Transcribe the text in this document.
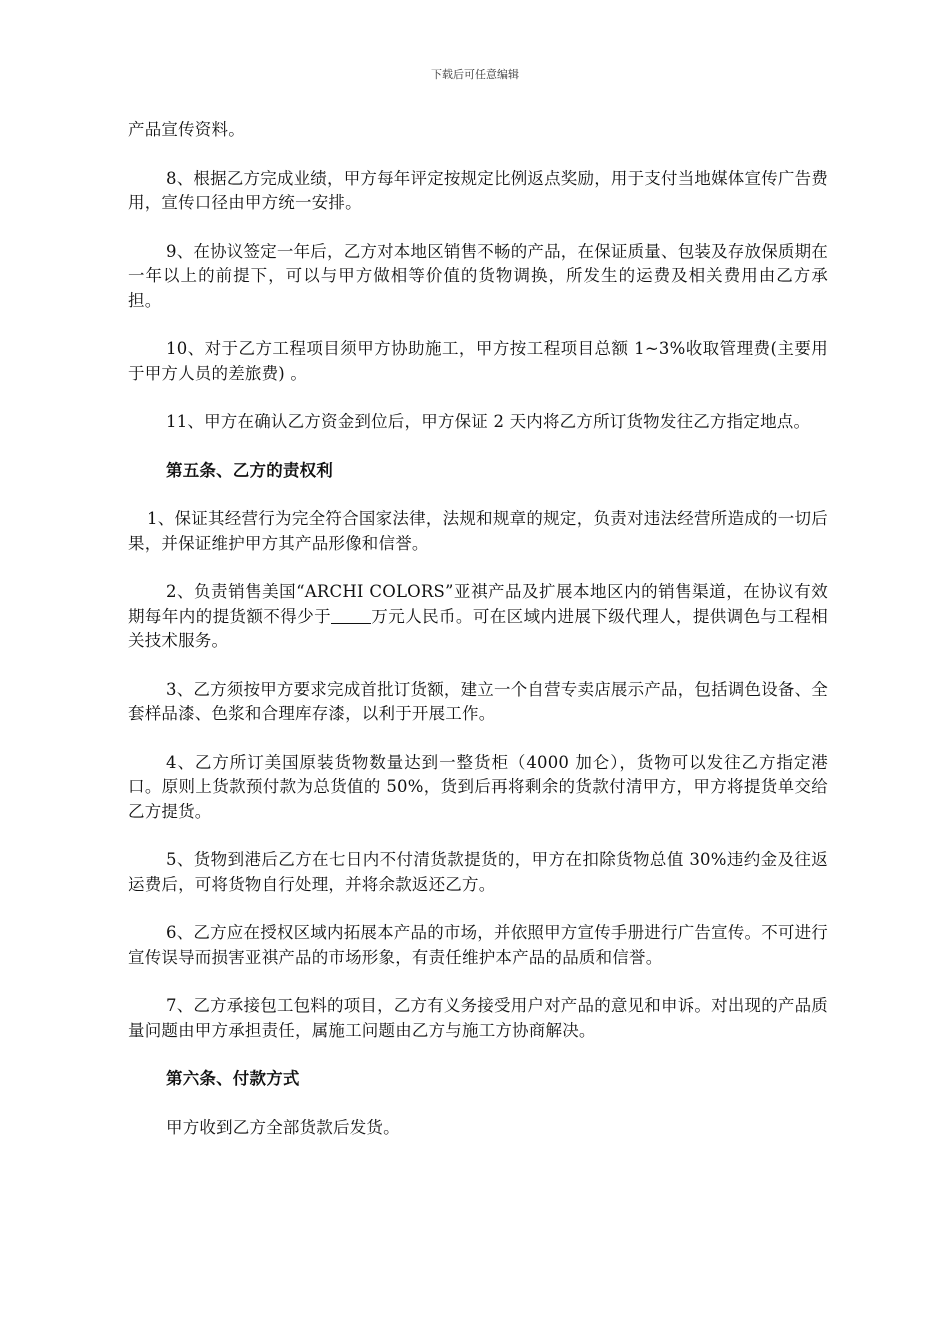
下载后可任意编辑

产品宣传资料。

8、根据乙方完成业绩，甲方每年评定按规定比例返点奖励，用于支付当地媒体宣传广告费用，宣传口径由甲方统一安排。

9、在协议签定一年后，乙方对本地区销售不畅的产品，在保证质量、包装及存放保质期在一年以上的前提下，可以与甲方做相等价值的货物调换，所发生的运费及相关费用由乙方承担。

10、对于乙方工程项目须甲方协助施工，甲方按工程项目总额 1~3%收取管理费(主要用于甲方人员的差旅费) 。

11、甲方在确认乙方资金到位后，甲方保证 2 天内将乙方所订货物发往乙方指定地点。

第五条、乙方的责权利

1、保证其经营行为完全符合国家法律，法规和规章的规定，负责对违法经营所造成的一切后果，并保证维护甲方其产品形像和信誉。

2、负责销售美国“ARCHI COLORS”亚祺产品及扩展本地区内的销售渠道，在协议有效期每年内的提货额不得少于 万元人民币。可在区域内进展下级代理人，提供调色与工程相关技术服务。

3、乙方须按甲方要求完成首批订货额，建立一个自营专卖店展示产品，包括调色设备、全套样品漆、色浆和合理库存漆，以利于开展工作。

4、乙方所订美国原装货物数量达到一整货柜（4000 加仑），货物可以发往乙方指定港口。原则上货款预付款为总货值的 50%，货到后再将剩余的货款付清甲方，甲方将提货单交给乙方提货。

5、货物到港后乙方在七日内不付清货款提货的，甲方在扣除货物总值 30%违约金及往返运费后，可将货物自行处理，并将余款返还乙方。

6、乙方应在授权区域内拓展本产品的市场，并依照甲方宣传手册进行广告宣传。不可进行宣传误导而损害亚祺产品的市场形象，有责任维护本产品的品质和信誉。

7、乙方承接包工包料的项目，乙方有义务接受用户对产品的意见和申诉。对出现的产品质量问题由甲方承担责任，属施工问题由乙方与施工方协商解决。

第六条、付款方式

甲方收到乙方全部货款后发货。
